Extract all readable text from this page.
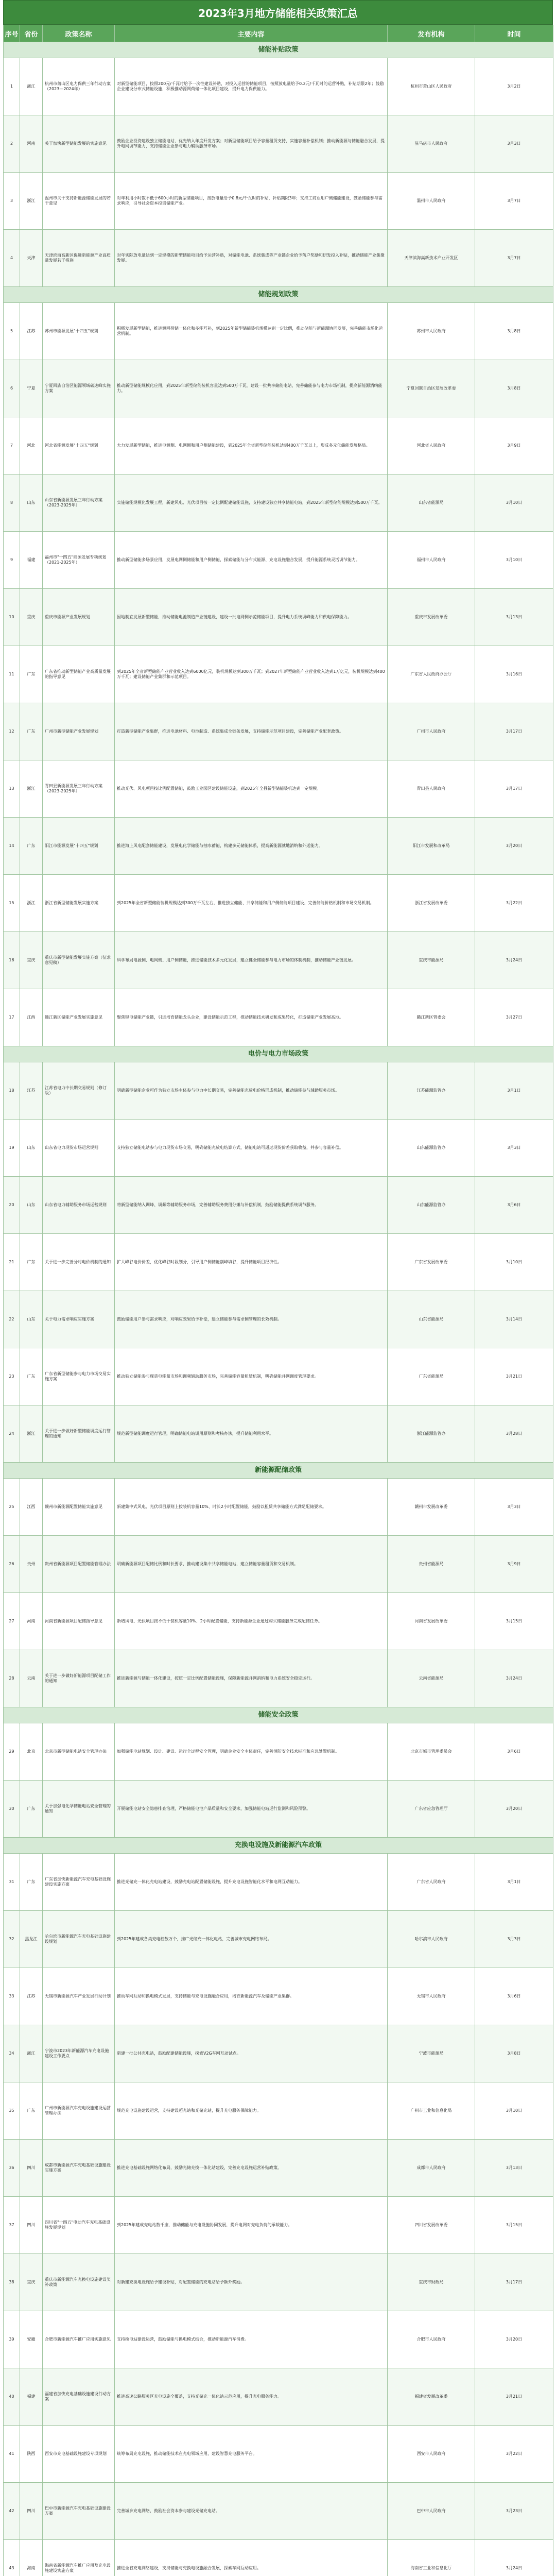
2023年3月地方储能相关政策汇总
序号	省份	政策名称	主要内容	发布机构	时间
储能补贴政策					
1	浙江	杭州市萧山区电力保供三年行动方案（2023—2024年）	对新型储能项目，按照200元/千瓦时给予一次性建设补贴，对投入运营的储能项目，按照放电量给予0.2元/千瓦时的运营补贴，补贴期限2年；鼓励企业建设分布式储能设施，积极推动源网荷储一体化项目建设，提升电力保供能力。	杭州市萧山区人民政府	3月2日
2	河南	关于加快新型储能发展的实施意见	鼓励企业投资建设独立储能电站，优先纳入年度开发方案；对新型储能项目给予容量租赁支持，实施容量补偿机制；推动新能源与储能融合发展，提升电网调节能力，支持储能企业参与电力辅助服务市场。	驻马店市人民政府	3月3日
3	浙江	温州市关于支持新能源储能发展的若干意见	对年利用小时数不低于600小时的新型储能项目，按放电量给予0.8元/千瓦时的补贴，补贴期限3年；支持工商业用户侧储能建设，鼓励储能参与需求响应，引导社会资本投资储能产业。	温州市人民政府	3月7日
4	天津	天津滨海高新区促进新能源产业高质量发展若干措施	对年实际放电量达到一定规模的新型储能项目给予运营补贴，对储能电池、系统集成等产业链企业给予落户奖励和研发投入补贴，推动储能产业集聚发展。	天津滨海高新技术产业开发区	3月7日
储能规划政策					
5	江苏	苏州市能源发展"十四五"规划	积极发展新型储能，推进源网荷储一体化和多能互补，到2025年新型储能装机规模达到一定比例，推动储能与新能源协同发展，完善储能市场化运营机制。	苏州市人民政府	3月8日
6	宁夏	宁夏回族自治区能源领域碳达峰实施方案	推动新型储能规模化应用，到2025年新型储能装机容量达到500万千瓦，建设一批共享储能电站，完善储能参与电力市场机制，提高新能源消纳能力。	宁夏回族自治区发展改革委	3月8日
7	河北	河北省能源发展"十四五"规划	大力发展新型储能，推进电源侧、电网侧和用户侧储能建设，到2025年全省新型储能装机达到400万千瓦以上，形成多元化储能发展格局。	河北省人民政府	3月9日
8	山东	山东省新能源发展三年行动方案（2023-2025年）	实施储能规模化发展工程，新建风电、光伏项目按一定比例配建储能设施，支持建设独立共享储能电站，到2025年新型储能规模达到500万千瓦。	山东省能源局	3月10日
9	福建	福州市"十四五"能源发展专项规划（2021-2025年）	推动新型储能多场景应用，发展电网侧储能和用户侧储能，探索储能与分布式能源、充电设施融合发展，提升能源系统灵活调节能力。	福州市人民政府	3月10日
10	重庆	重庆市能源产业发展规划	因地制宜发展新型储能，推动储能电池制造产业链建设，建设一批电网侧示范储能项目，提升电力系统调峰能力和供电保障能力。	重庆市发展改革委	3月13日
11	广东	广东省推动新型储能产业高质量发展的指导意见	到2025年全省新型储能产业营业收入达到6000亿元，装机规模达到300万千瓦；到2027年新型储能产业营业收入达到1万亿元，装机规模达到400万千瓦；建设储能产业集群和示范项目。	广东省人民政府办公厅	3月16日
12	广东	广州市新型储能产业发展规划	打造新型储能产业集群，推进电池材料、电池制造、系统集成全链条发展，支持储能示范项目建设，完善储能产业配套政策。	广州市人民政府	3月17日
13	浙江	青田县新能源发展三年行动方案（2023-2025年）	推动光伏、风电项目按比例配置储能，鼓励工业园区建设储能设施，到2025年全县新型储能装机达到一定规模。	青田县人民政府	3月17日
14	广东	阳江市能源发展"十四五"规划	推进海上风电配套储能建设，发展电化学储能与抽水蓄能，构建多元储能体系，提高新能源就地消纳和外送能力。	阳江市发展和改革局	3月20日
15	浙江	浙江省新型储能发展实施方案	到2025年全省新型储能装机规模达到300万千瓦左右，推进独立储能、共享储能和用户侧储能项目建设，完善储能价格机制和市场交易机制。	浙江省发展改革委	3月22日
16	重庆	重庆市新型储能发展实施方案（征求意见稿）	科学布局电源侧、电网侧、用户侧储能，推进储能技术多元化发展，建立健全储能参与电力市场的体制机制，推动储能产业链发展。	重庆市能源局	3月24日
17	江西	赣江新区储能产业发展实施意见	聚焦锂电储能产业链，引进培育储能龙头企业，建设储能示范工程，推动储能技术研发和成果转化，打造储能产业发展高地。	赣江新区管委会	3月27日
电价与电力市场政策					
18	江苏	江苏省电力中长期交易规则（修订版）	明确新型储能企业可作为独立市场主体参与电力中长期交易，完善储能充放电价格形成机制，推动储能参与辅助服务市场。	江苏能源监管办	3月1日
19	山东	山东省电力现货市场运营规则	支持独立储能电站参与电力现货市场交易，明确储能充放电结算方式，储能电站可通过现货价差获取收益，并参与容量补偿。	山东能源监管办	3月3日
20	山东	山东省电力辅助服务市场运营规则	将新型储能纳入调峰、调频等辅助服务市场，完善辅助服务费用分摊与补偿机制，鼓励储能提供系统调节服务。	山东能源监管办	3月6日
21	广东	关于进一步完善分时电价机制的通知	扩大峰谷电价价差，优化峰谷时段划分，引导用户侧储能削峰填谷，提升储能项目经济性。	广东省发展改革委	3月10日
22	山东	关于电力需求响应实施方案	鼓励储能用户参与需求响应，对响应效果给予补偿，建立储能参与需求侧管理的长效机制。	山东省能源局	3月14日
23	广东	广东省新型储能参与电力市场交易实施方案	推动独立储能参与现货电能量市场和调频辅助服务市场，完善储能容量租赁机制，明确储能并网调度管理要求。	广东省能源局	3月21日
24	浙江	关于进一步做好新型储能调度运行管理的通知	规范新型储能调度运行管理，明确储能电站调用原则和考核办法，提升储能利用水平。	浙江能源监管办	3月28日
新能源配储政策					
25	江西	赣州市新能源配置储能实施意见	新建集中式风电、光伏项目原则上按装机容量10%、时长2小时配置储能，鼓励以租赁共享储能方式满足配储要求。	赣州市发展改革委	3月3日
26	贵州	贵州省新能源项目配置储能管理办法	明确新能源项目配储比例和时长要求，推动建设集中共享储能电站，建立储能容量租赁和交易机制。	贵州省能源局	3月9日
27	河南	河南省新能源项目配储指导意见	新增风电、光伏项目按不低于装机容量10%、2小时配置储能，支持新能源企业通过购买储能服务完成配储任务。	河南省发展改革委	3月15日
28	云南	关于进一步做好新能源项目配储工作的通知	推进新能源与储能一体化建设，按照一定比例配置储能设施，保障新能源并网消纳和电力系统安全稳定运行。	云南省能源局	3月24日
储能安全政策					
29	北京	北京市新型储能电站安全管理办法	加强储能电站规划、设计、建设、运行全过程安全管理，明确企业安全主体责任，完善消防安全技术标准和应急处置机制。	北京市城市管理委员会	3月6日
30	广东	关于加强电化学储能电站安全管理的通知	开展储能电站安全隐患排查治理，严格储能电池产品质量和安全要求，加强储能电站运行监测和风险预警。	广东省应急管理厅	3月20日
充换电设施及新能源汽车政策					
31	广东	广东省加快新能源汽车充电基础设施建设实施方案	推进光储充一体化充电站建设，鼓励充电站配置储能设施，提升充电设施智能化水平和电网互动能力。	广东省人民政府	3月1日
32	黑龙江	哈尔滨市新能源汽车充电基础设施建设规划	到2025年建成各类充电桩数万个，推广光储充一体化电站，完善城市充电网络布局。	哈尔滨市人民政府	3月3日
33	江苏	无锡市新能源汽车产业发展行动计划	推动车网互动和换电模式发展，支持储能与充电设施融合应用，培育新能源汽车及储能产业集群。	无锡市人民政府	3月6日
34	浙江	宁波市2023年新能源汽车充电设施建设工作要点	新建一批公共充电站，鼓励配建储能设施，探索V2G车网互动试点。	宁波市能源局	3月8日
35	广东	广州市新能源汽车充电设施建设运营管理办法	规范充电设施建设运营，支持建设超充站和光储充站，提升充电服务保障能力。	广州市工业和信息化局	3月10日
36	四川	成都市新能源汽车充电基础设施建设实施方案	推进充电基础设施网络化布局，鼓励光储充换一体化站建设，完善充电设施运营补贴政策。	成都市人民政府	3月13日
37	四川	四川省"十四五"电动汽车充电基础设施发展规划	到2025年建成充电站数千座，推动储能与充电设施协同发展，提升电网对充电负荷的承载能力。	四川省发展改革委	3月15日
38	重庆	重庆市新能源汽车充换电设施建设奖补政策	对新建充换电设施给予建设补贴，对配置储能的充电站给予额外奖励。	重庆市财政局	3月17日
39	安徽	合肥市新能源汽车推广应用实施意见	支持换电站建设运营，鼓励储能与换电模式结合，推动新能源汽车消费。	合肥市人民政府	3月20日
40	福建	福建省加快充电基础设施建设行动方案	推进高速公路服务区充电设施全覆盖，支持光储充一体化站示范应用，提升充电服务能力。	福建省发展改革委	3月21日
41	陕西	西安市充电基础设施建设专项规划	统筹布局充电设施，推动储能技术在充电领域应用，建设智慧充电服务平台。	西安市人民政府	3月22日
42	四川	巴中市新能源汽车充电基础设施建设方案	完善城乡充电网络，鼓励社会资本参与建设光储充电站。	巴中市人民政府	3月23日
43	海南	海南省新能源汽车推广应用及充电设施建设实施方案	推进全省充电网络建设，支持储能与充换电设施融合发展，探索车网互动应用。	海南省工业和信息化厅	3月24日
